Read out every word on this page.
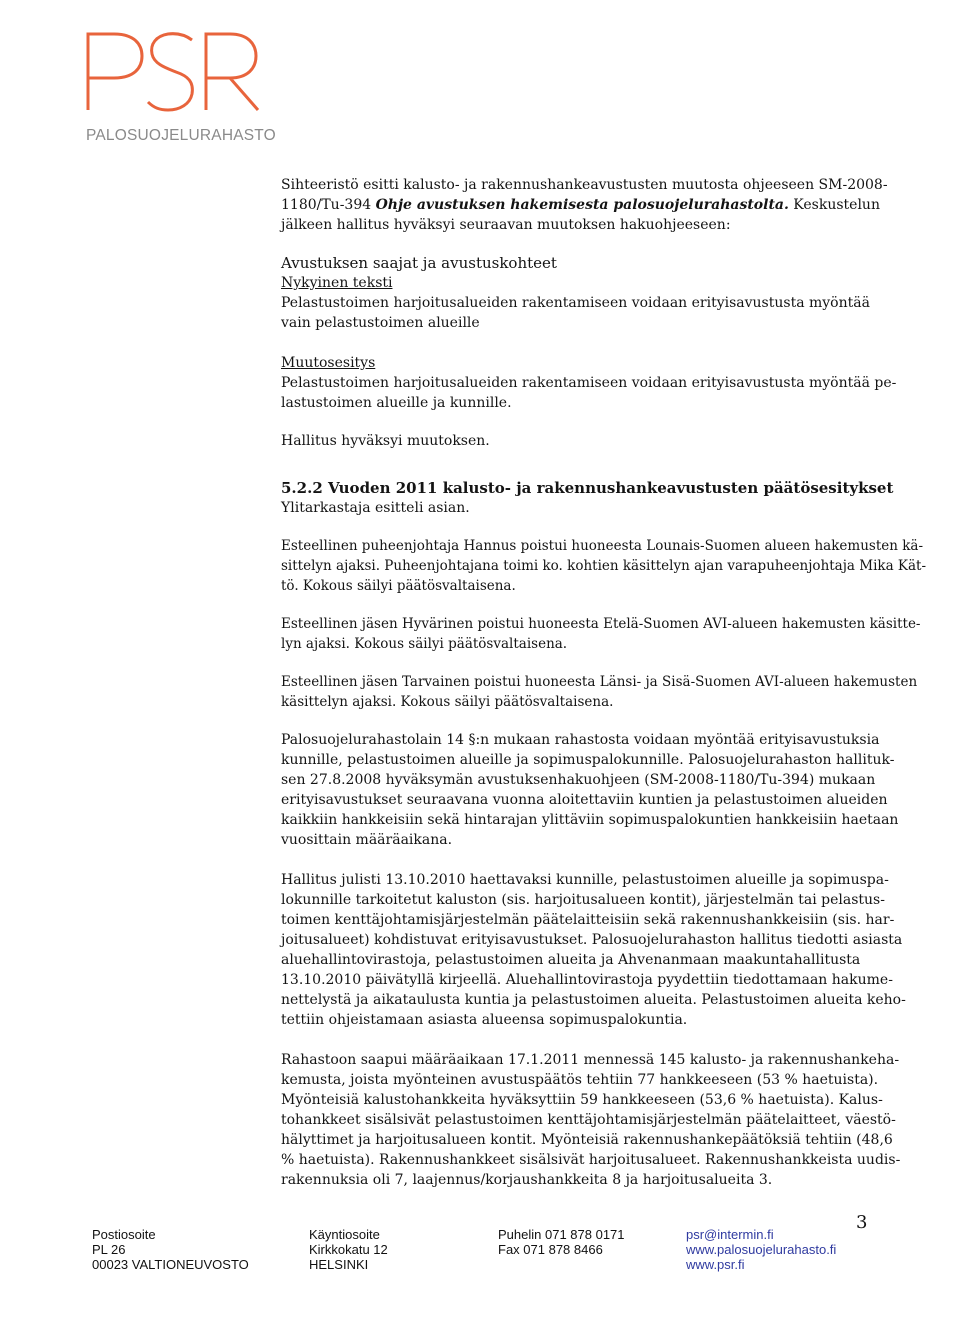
PALOSUOJELURAHASTO

Sihteeristö esitti kalusto- ja rakennushankeavustusten muutosta ohjeeseen SM-2008-
1180/Tu-394 Ohje avustuksen hakemisesta palosuojelurahastolta. Keskustelun
jälkeen hallitus hyväksyi seuraavan muutoksen hakuohjeeseen:

Avustuksen saajat ja avustuskohteet
Nykyinen teksti
Pelastustoimen harjoitusalueiden rakentamiseen voidaan erityisavustusta myöntää
vain pelastustoimen alueille

Muutosesitys
Pelastustoimen harjoitusalueiden rakentamiseen voidaan erityisavustusta myöntää pe-
lastustoimen alueille ja kunnille.

Hallitus hyväksyi muutoksen.

5.2.2 Vuoden 2011 kalusto- ja rakennushankeavustusten päätösesitykset
Ylitarkastaja esitteli asian.

Esteellinen puheenjohtaja Hannus poistui huoneesta Lounais-Suomen alueen hakemusten kä-
sittelyn ajaksi. Puheenjohtajana toimi ko. kohtien käsittelyn ajan varapuheenjohtaja Mika Kät-
tö. Kokous säilyi päätösvaltaisena.

Esteellinen jäsen Hyvärinen poistui huoneesta Etelä-Suomen AVI-alueen hakemusten käsitte-
lyn ajaksi. Kokous säilyi päätösvaltaisena.

Esteellinen jäsen Tarvainen poistui huoneesta Länsi- ja Sisä-Suomen AVI-alueen hakemusten
käsittelyn ajaksi. Kokous säilyi päätösvaltaisena.

Palosuojelurahastolain 14 §:n mukaan rahastosta voidaan myöntää erityisavustuksia
kunnille, pelastustoimen alueille ja sopimuspalokunnille. Palosuojelurahaston hallituk-
sen 27.8.2008 hyväksymän avustuksenhakuohjeen (SM-2008-1180/Tu-394) mukaan
erityisavustukset seuraavana vuonna aloitettaviin kuntien ja pelastustoimen alueiden
kaikkiin hankkeisiin sekä hintarajan ylittäviin sopimuspalokuntien hankkeisiin haetaan
vuosittain määräaikana.

Hallitus julisti 13.10.2010 haettavaksi kunnille, pelastustoimen alueille ja sopimuspa-
lokunnille tarkoitetut kaluston (sis. harjoitusalueen kontit), järjestelmän tai pelastus-
toimen kenttäjohtamisjärjestelmän päätelaitteisiin sekä rakennushankkeisiin (sis. har-
joitusalueet) kohdistuvat erityisavustukset. Palosuojelurahaston hallitus tiedotti asiasta
aluehallintovirastoja, pelastustoimen alueita ja Ahvenanmaan maakuntahallitusta
13.10.2010 päivätyllä kirjeellä. Aluehallintovirastoja pyydettiin tiedottamaan hakume-
nettelystä ja aikataulusta kuntia ja pelastustoimen alueita. Pelastustoimen alueita keho-
tettiin ohjeistamaan asiasta alueensa sopimuspalokuntia.

Rahastoon saapui määräaikaan 17.1.2011 mennessä 145 kalusto- ja rakennushankeha-
kemusta, joista myönteinen avustuspäätös tehtiin 77 hankkeeseen (53 % haetuista).
Myönteisiä kalustohankkeita hyväksyttiin 59 hankkeeseen (53,6 % haetuista). Kalus-
tohankkeet sisälsivät pelastustoimen kenttäjohtamisjärjestelmän päätelaitteet, väestö-
hälyttimet ja harjoitusalueen kontit. Myönteisiä rakennushankepäätöksiä tehtiin (48,6
% haetuista). Rakennushankkeet sisälsivät harjoitusalueet. Rakennushankkeista uudis-
rakennuksia oli 7, laajennus/korjaushankkeita 8 ja harjoitusalueita 3.

3
Postiosoite
PL 26
00023 VALTIONEUVOSTO
Käyntiosoite
Kirkkokatu 12
HELSINKI
Puhelin 071 878 0171
Fax 071 878 8466
psr@intermin.fi
www.palosuojelurahasto.fi
www.psr.fi
